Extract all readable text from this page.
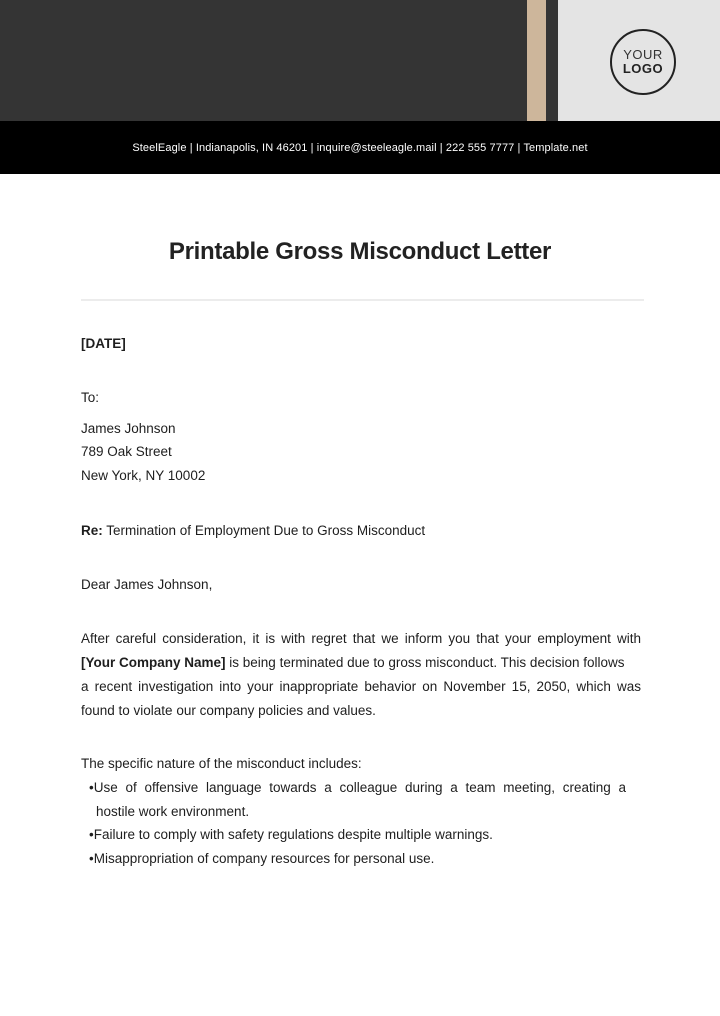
YOUR
LOGO
SteelEagle | Indianapolis, IN 46201 | inquire@steeleagle.mail | 222 555 7777 | Template.net
Printable Gross Misconduct Letter
[DATE]
To:
James Johnson
789 Oak Street
New York, NY 10002
Re: Termination of Employment Due to Gross Misconduct
Dear James Johnson,
After careful consideration, it is with regret that we inform you that your employment with
[Your Company Name] is being terminated due to gross misconduct. This decision follows
a recent investigation into your inappropriate behavior on November 15, 2050, which was
found to violate our company policies and values.
The specific nature of the misconduct includes:
•Use of offensive language towards a colleague during a team meeting, creating a
hostile work environment.
•Failure to comply with safety regulations despite multiple warnings.
•Misappropriation of company resources for personal use.
